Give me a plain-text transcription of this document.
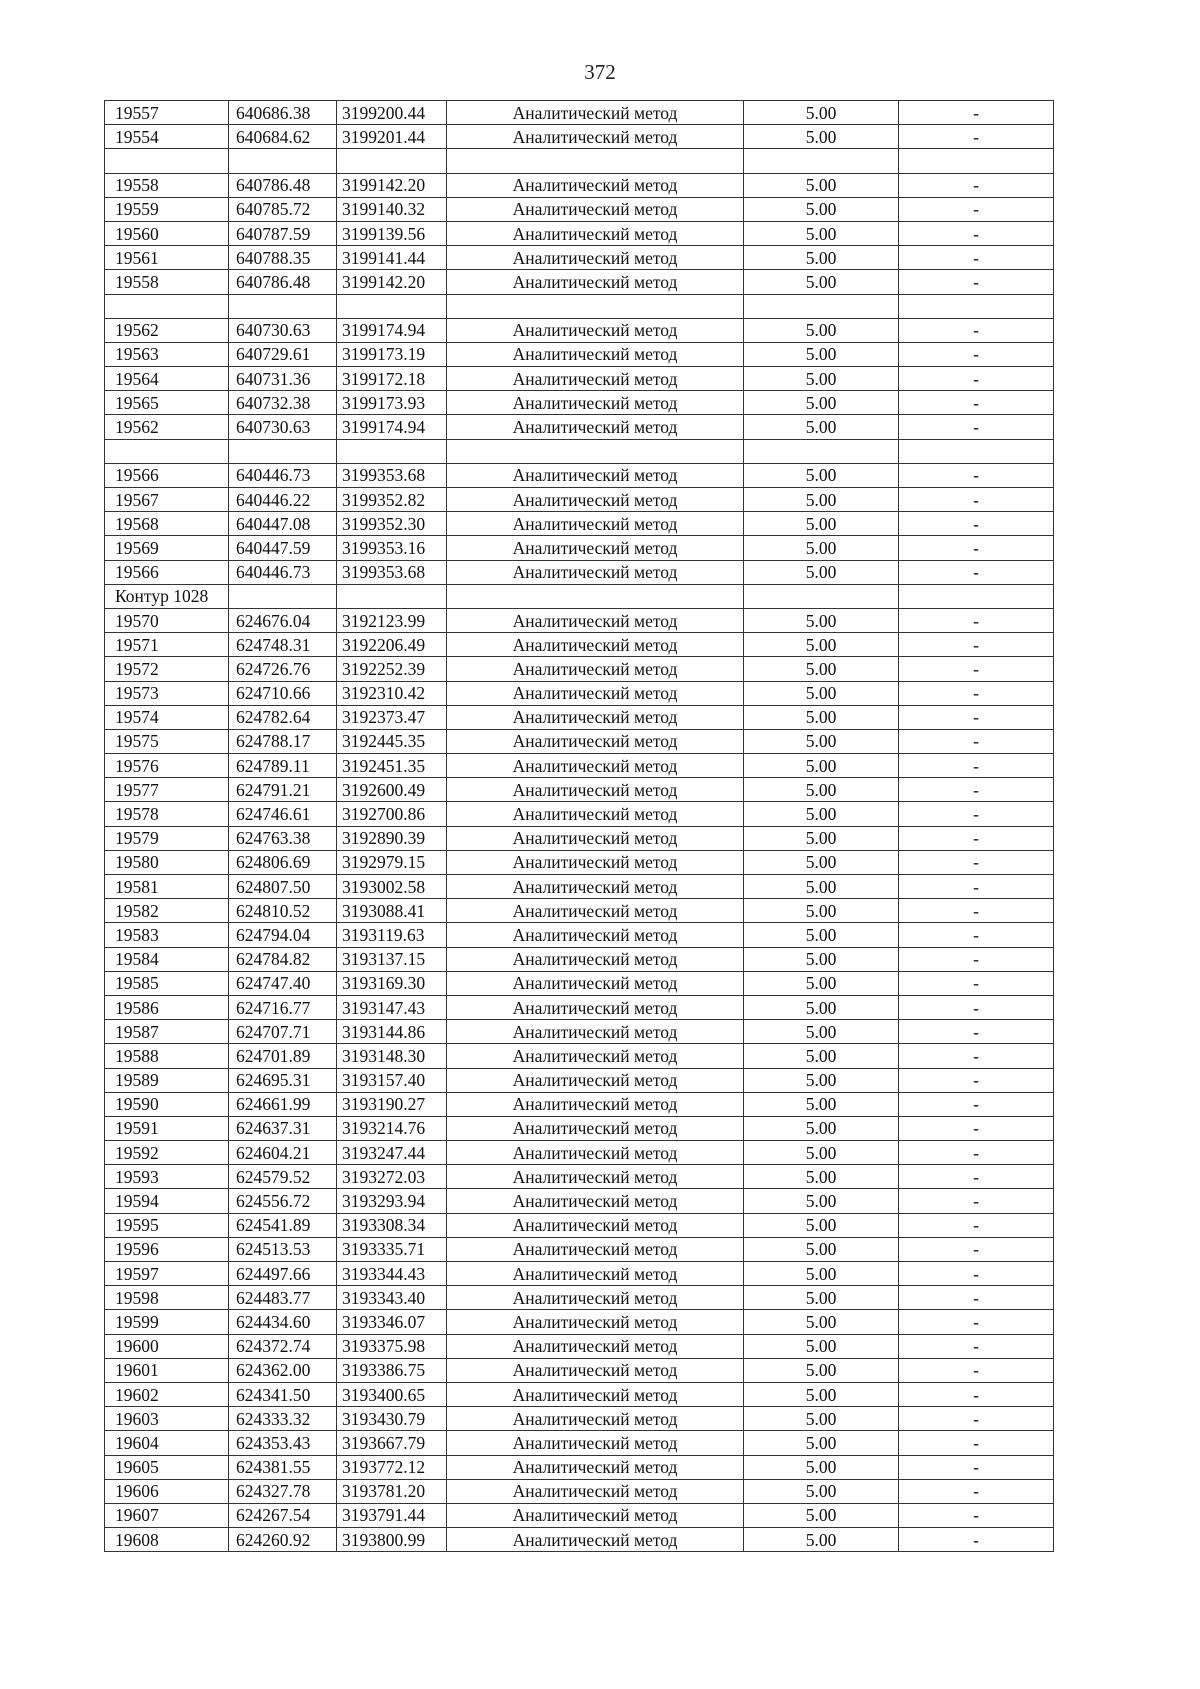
372
19557	640686.38	3199200.44	Аналитический метод	5.00	-
19554	640684.62	3199201.44	Аналитический метод	5.00	-

19558	640786.48	3199142.20	Аналитический метод	5.00	-
19559	640785.72	3199140.32	Аналитический метод	5.00	-
19560	640787.59	3199139.56	Аналитический метод	5.00	-
19561	640788.35	3199141.44	Аналитический метод	5.00	-
19558	640786.48	3199142.20	Аналитический метод	5.00	-

19562	640730.63	3199174.94	Аналитический метод	5.00	-
19563	640729.61	3199173.19	Аналитический метод	5.00	-
19564	640731.36	3199172.18	Аналитический метод	5.00	-
19565	640732.38	3199173.93	Аналитический метод	5.00	-
19562	640730.63	3199174.94	Аналитический метод	5.00	-

19566	640446.73	3199353.68	Аналитический метод	5.00	-
19567	640446.22	3199352.82	Аналитический метод	5.00	-
19568	640447.08	3199352.30	Аналитический метод	5.00	-
19569	640447.59	3199353.16	Аналитический метод	5.00	-
19566	640446.73	3199353.68	Аналитический метод	5.00	-
Контур 1028					
19570	624676.04	3192123.99	Аналитический метод	5.00	-
19571	624748.31	3192206.49	Аналитический метод	5.00	-
19572	624726.76	3192252.39	Аналитический метод	5.00	-
19573	624710.66	3192310.42	Аналитический метод	5.00	-
19574	624782.64	3192373.47	Аналитический метод	5.00	-
19575	624788.17	3192445.35	Аналитический метод	5.00	-
19576	624789.11	3192451.35	Аналитический метод	5.00	-
19577	624791.21	3192600.49	Аналитический метод	5.00	-
19578	624746.61	3192700.86	Аналитический метод	5.00	-
19579	624763.38	3192890.39	Аналитический метод	5.00	-
19580	624806.69	3192979.15	Аналитический метод	5.00	-
19581	624807.50	3193002.58	Аналитический метод	5.00	-
19582	624810.52	3193088.41	Аналитический метод	5.00	-
19583	624794.04	3193119.63	Аналитический метод	5.00	-
19584	624784.82	3193137.15	Аналитический метод	5.00	-
19585	624747.40	3193169.30	Аналитический метод	5.00	-
19586	624716.77	3193147.43	Аналитический метод	5.00	-
19587	624707.71	3193144.86	Аналитический метод	5.00	-
19588	624701.89	3193148.30	Аналитический метод	5.00	-
19589	624695.31	3193157.40	Аналитический метод	5.00	-
19590	624661.99	3193190.27	Аналитический метод	5.00	-
19591	624637.31	3193214.76	Аналитический метод	5.00	-
19592	624604.21	3193247.44	Аналитический метод	5.00	-
19593	624579.52	3193272.03	Аналитический метод	5.00	-
19594	624556.72	3193293.94	Аналитический метод	5.00	-
19595	624541.89	3193308.34	Аналитический метод	5.00	-
19596	624513.53	3193335.71	Аналитический метод	5.00	-
19597	624497.66	3193344.43	Аналитический метод	5.00	-
19598	624483.77	3193343.40	Аналитический метод	5.00	-
19599	624434.60	3193346.07	Аналитический метод	5.00	-
19600	624372.74	3193375.98	Аналитический метод	5.00	-
19601	624362.00	3193386.75	Аналитический метод	5.00	-
19602	624341.50	3193400.65	Аналитический метод	5.00	-
19603	624333.32	3193430.79	Аналитический метод	5.00	-
19604	624353.43	3193667.79	Аналитический метод	5.00	-
19605	624381.55	3193772.12	Аналитический метод	5.00	-
19606	624327.78	3193781.20	Аналитический метод	5.00	-
19607	624267.54	3193791.44	Аналитический метод	5.00	-
19608	624260.92	3193800.99	Аналитический метод	5.00	-
